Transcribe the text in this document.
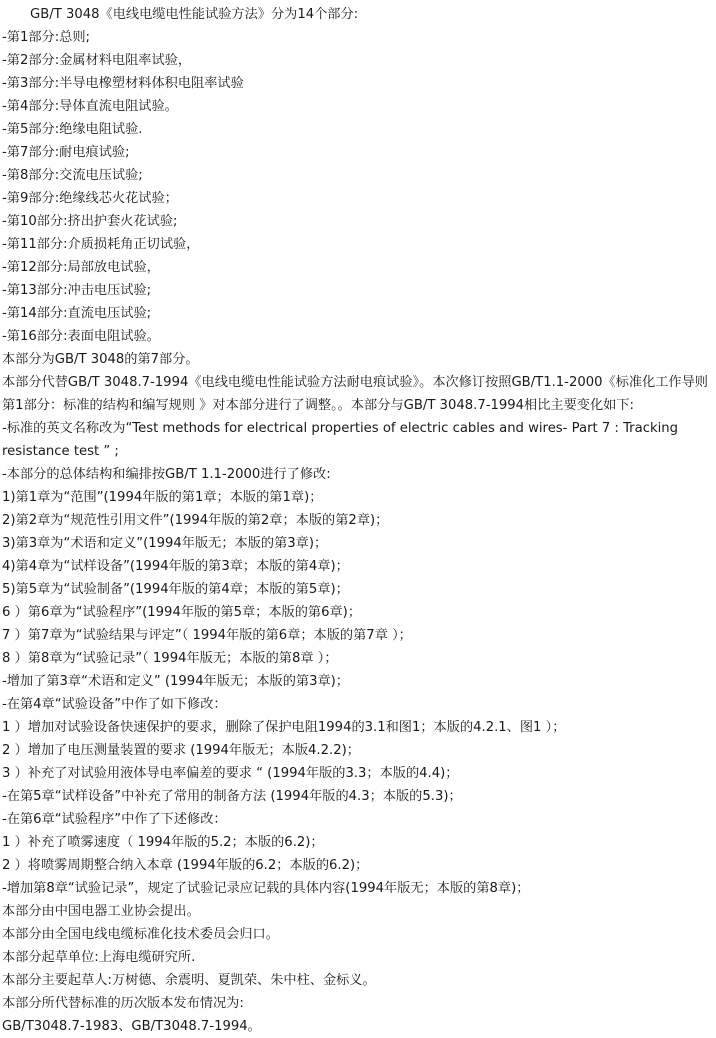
GB/T 3048《电线电缆电性能试验方法》分为14个部分:
-第1部分:总则;
-第2部分:金属材料电阻率试验，
-第3部分:半导电橡塑材料体积电阻率试验
-第4部分:导体直流电阻试验。
-第5部分:绝缘电阻试验.
-第7部分:耐电痕试验;
-第8部分:交流电压试验;
-第9部分:绝缘线芯火花试验；
-第10部分:挤出护套火花试验;
-第11部分:介质损耗角正切试验，
-第12部分:局部放电试验，
-第13部分:冲击电压试验;
-第14部分:直流电压试验;
-第16部分:表面电阻试验。
本部分为GB/T 3048的第7部分。
本部分代替GB/T 3048.7-1994《电线电缆电性能试验方法耐电痕试验》。本次修订按照GB/T1.1-2000《标准化工作导则 第1部分：标准的结构和编写规则 》对本部分进行了调整。。本部分与GB/T 3048.7-1994相比主要变化如下:
-标准的英文名称改为“Test methods for electrical properties of electric cables and wires- Part 7 : Tracking resistance test ” ;
-本部分的总体结构和编排按GB/T 1.1-2000进行了修改:
1)第1章为“范围”(1994年版的第1章；本版的第1章)；
2)第2章为“规范性引用文件”(1994年版的第2章；本版的第2章)；
3)第3章为“术语和定义”(1994年版无；本版的第3章)；
4)第4章为“试样设备”(1994年版的第3章；本版的第4章)；
5)第5章为“试验制备”(1994年版的第4章；本版的第5章)；
6 ）第6章为“试验程序”(1994年版的第5章；本版的第6章)；
7 ）第7章为“试验结果与评定”（ 1994年版的第6章；本版的第7章 ）；
8 ）第8章为“试验记录”（ 1994年版无；本版的第8章 ）；
-增加了第3章“术语和定义” (1994年版无；本版的第3章)；
-在第4章“试验设备”中作了如下修改：
1 ）增加对试验设备快速保护的要求，删除了保护电阻1994的3.1和图1；本版的4.2.1、图1 ）；
2 ）增加了电压测量装置的要求 (1994年版无；本版4.2.2)；
3 ）补充了对试验用液体导电率偏差的要求 “ (1994年版的3.3；本版的4.4)；
-在第5章“试样设备”中补充了常用的制备方法 (1994年版的4.3；本版的5.3)；
-在第6章“试验程序”中作了下述修改：
1 ）补充了喷雾速度（ 1994年版的5.2；本版的6.2)；
2 ）将喷雾周期整合纳入本章 (1994年版的6.2；本版的6.2)；
-增加第8章“试验记录”，规定了试验记录应记载的具体内容(1994年版无；本版的第8章)；
本部分由中国电器工业协会提出。
本部分由全国电线电缆标准化技术委员会归口。
本部分起草单位:上海电缆研究所.
本部分主要起草人:万树德、余震明、夏凯荣、朱中柱、金标义。
本部分所代替标准的历次版本发布情况为:
GB/T3048.7-1983、GB/T3048.7-1994。
